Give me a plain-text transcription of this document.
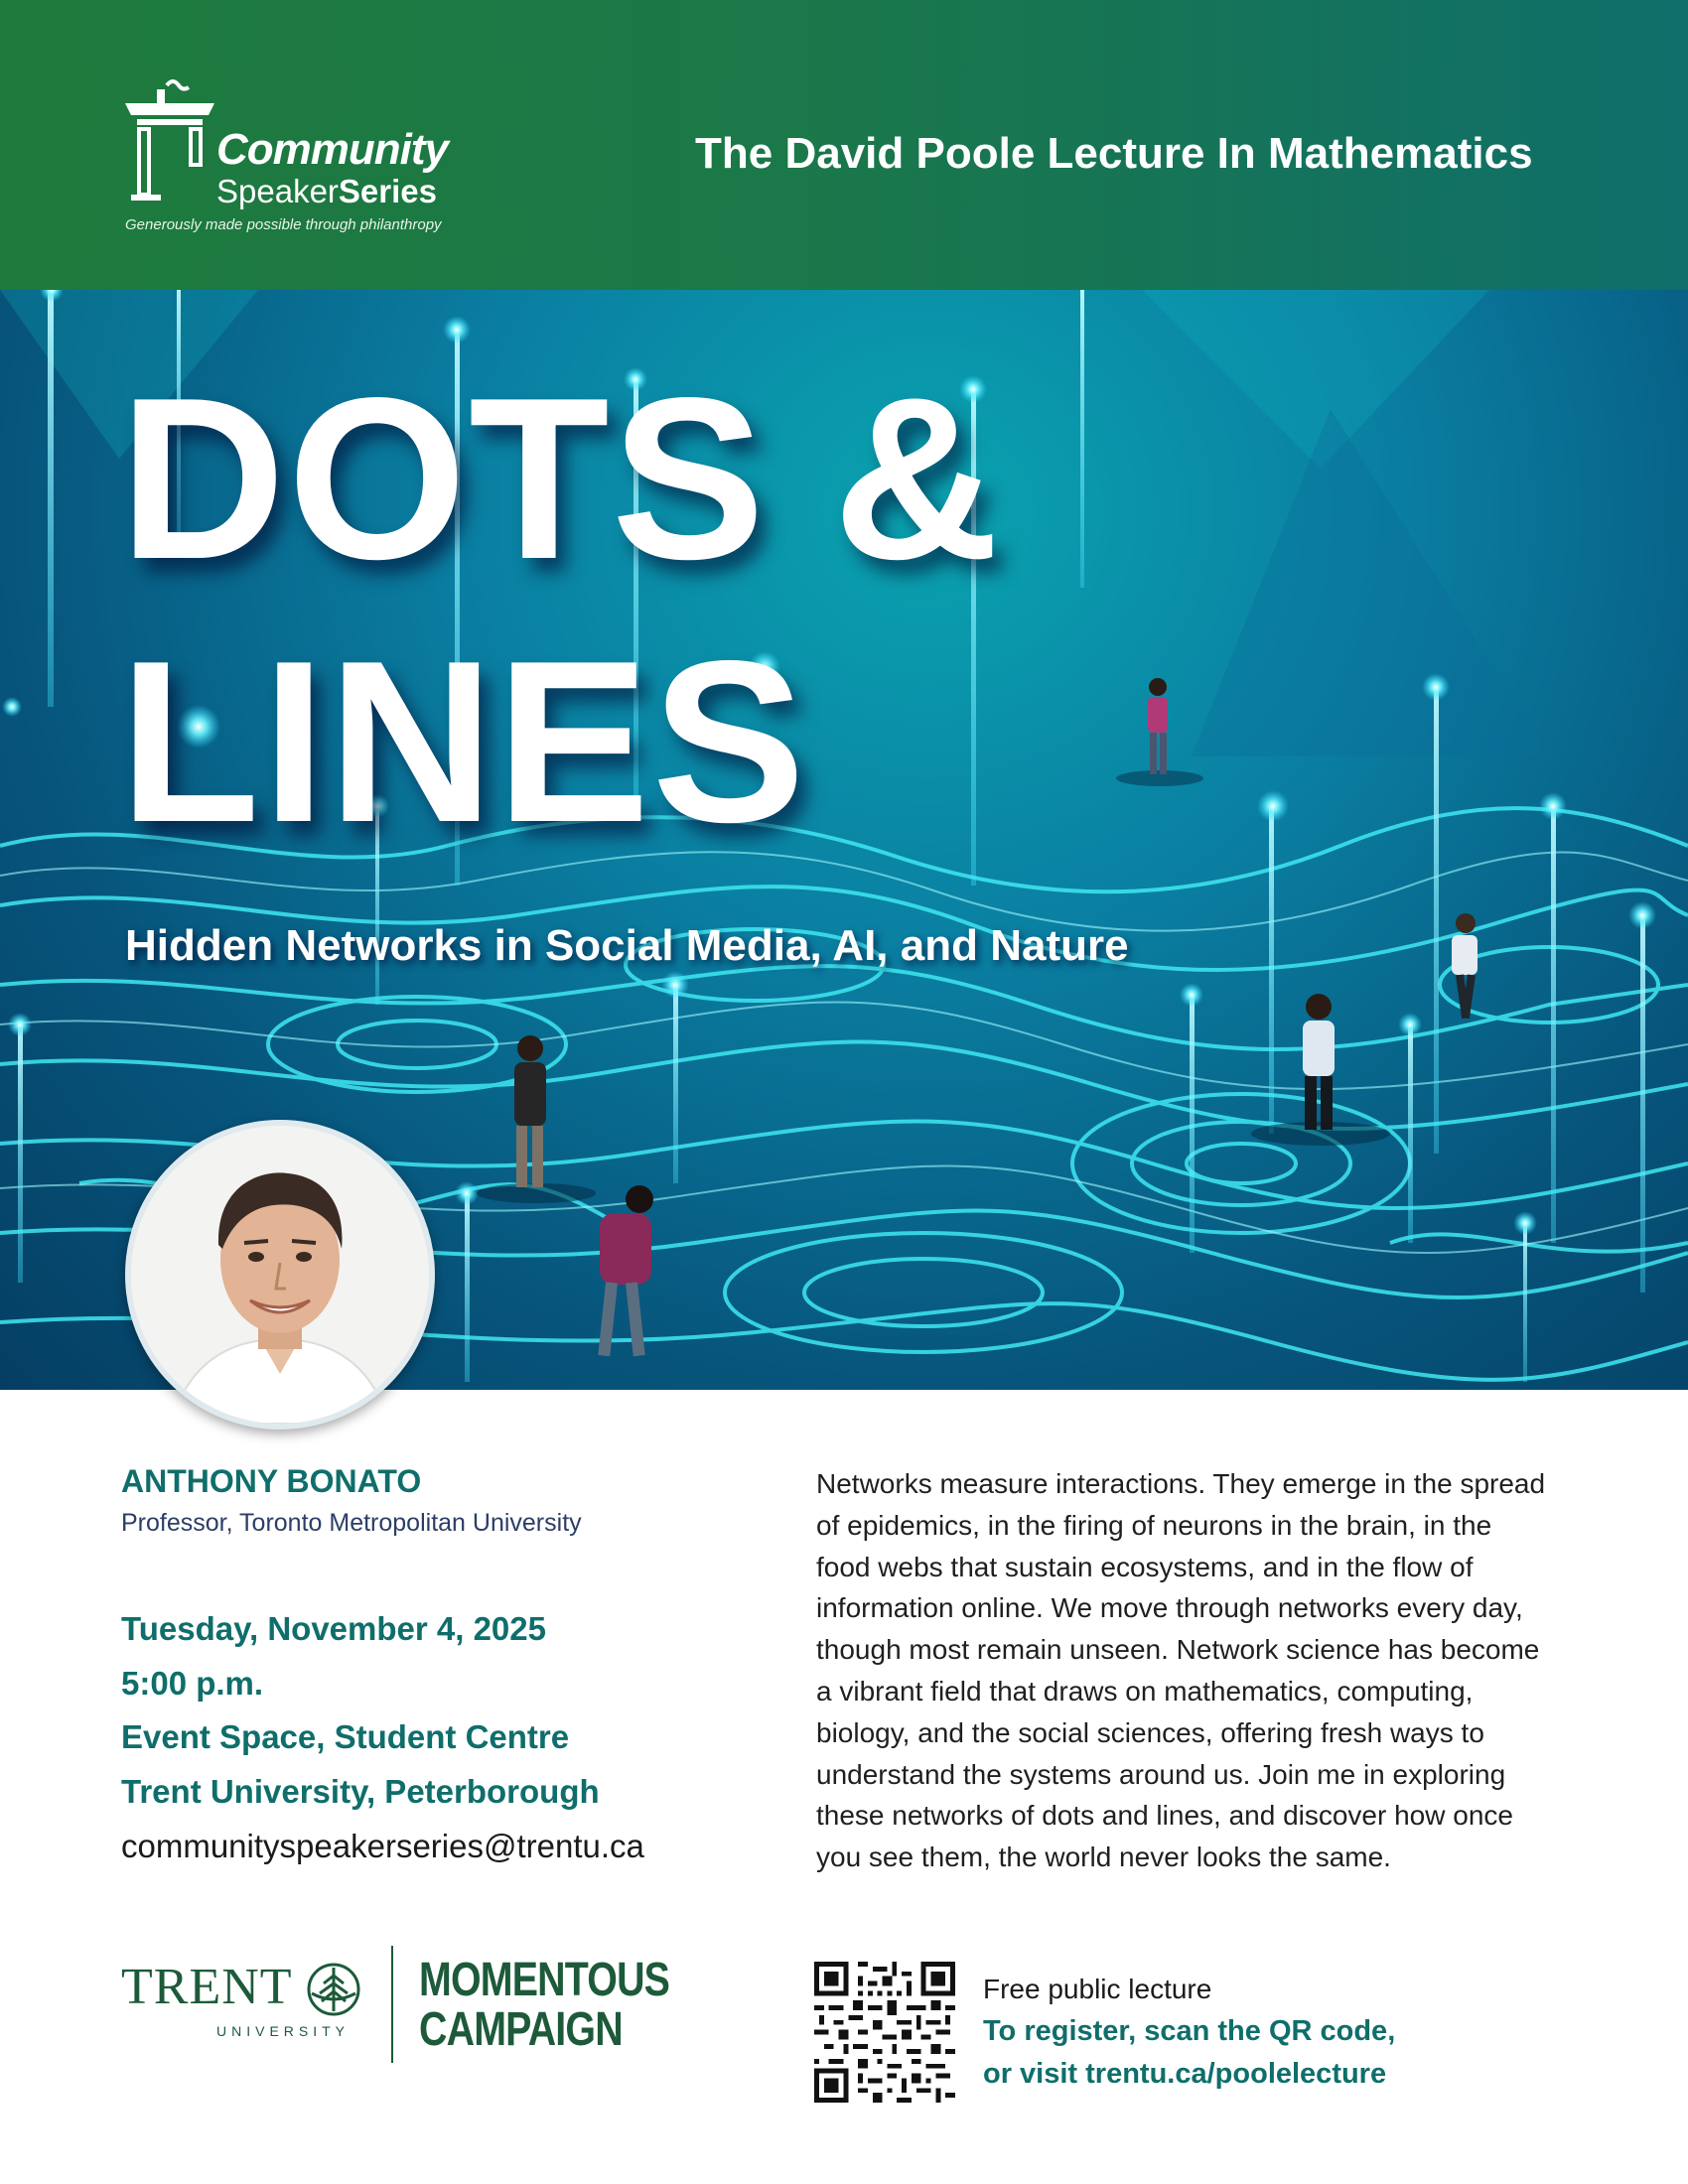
Community
SpeakerSeries
Generously made possible through philanthropy
The David Poole Lecture In Mathematics
DOTS &
LINES
Hidden Networks in Social Media, AI, and Nature
ANTHONY BONATO
Professor, Toronto Metropolitan University
Tuesday, November 4, 2025
5:00 p.m.
Event Space, Student Centre
Trent University, Peterborough
communityspeakerseries@trentu.ca
Networks measure interactions. They emerge in the spread of epidemics, in the firing of neurons in the brain, in the food webs that sustain ecosystems, and in the flow of information online. We move through networks every day, though most remain unseen. Network science has become a vibrant field that draws on mathematics, computing, biology, and the social sciences, offering fresh ways to understand the systems around us. Join me in exploring these networks of dots and lines, and discover how once you see them, the world never looks the same.
TRENT
UNIVERSITY
MOMENTOUS
CAMPAIGN
Free public lecture
To register, scan the QR code,
or visit trentu.ca/poolelecture
